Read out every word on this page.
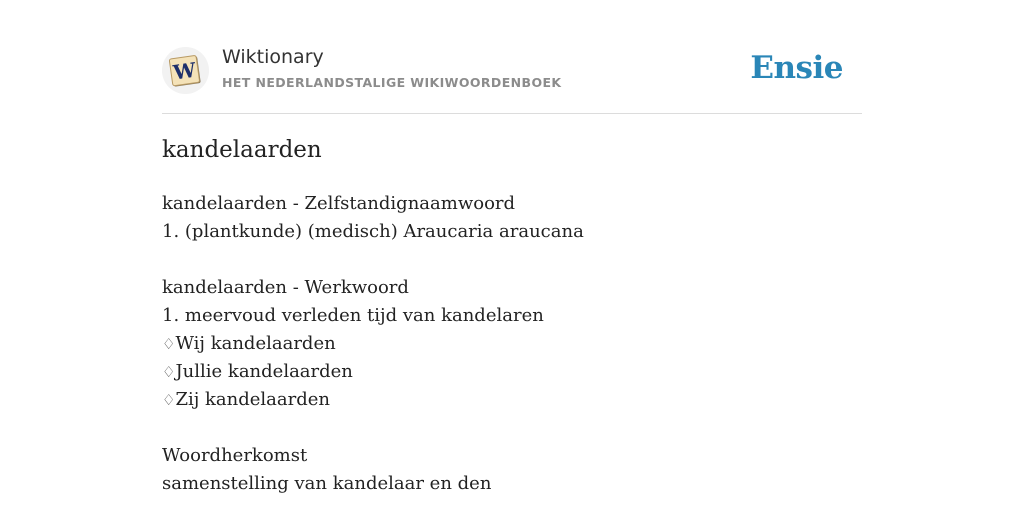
W
Wiktionary
HET NEDERLANDSTALIGE WIKIWOORDENBOEK	Ensie
kandelaarden
kandelaarden - Zelfstandignaamwoord
1. (plantkunde) (medisch) Araucaria araucana
kandelaarden - Werkwoord
1. meervoud verleden tijd van kandelaren
♢Wij kandelaarden
♢Jullie kandelaarden
♢Zij kandelaarden
Woordherkomst
samenstelling van kandelaar en den
